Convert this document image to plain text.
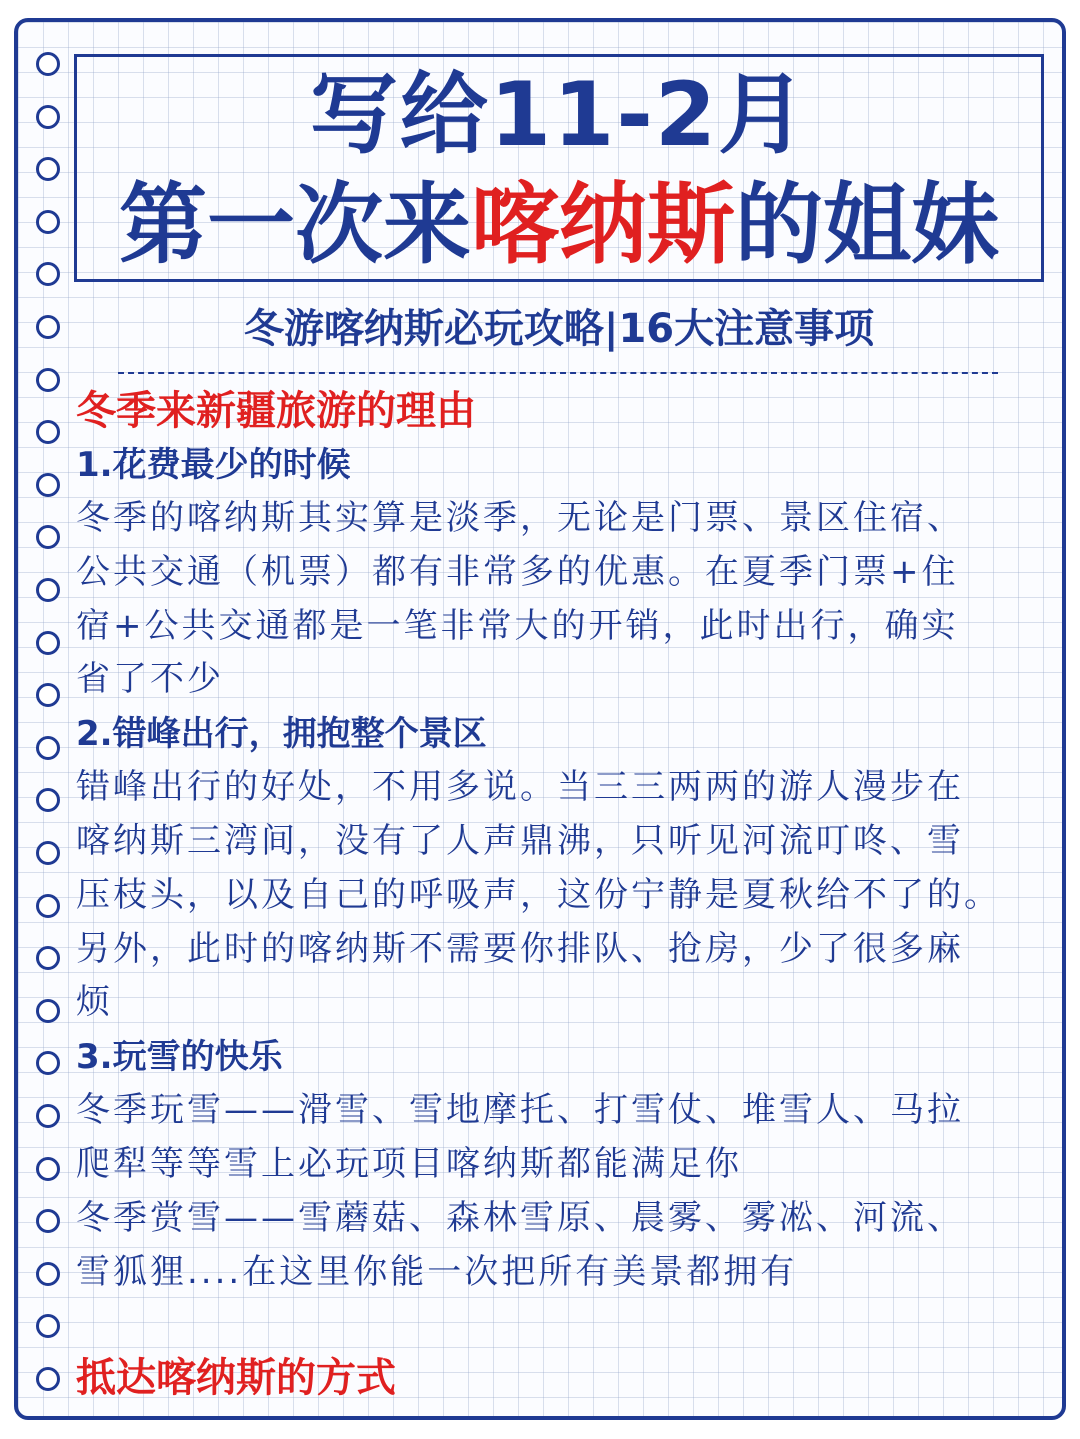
写给11-2月
第一次来喀纳斯的姐妹
冬游喀纳斯必玩攻略|16大注意事项

冬季来新疆旅游的理由

1.花费最少的时候

冬季的喀纳斯其实算是淡季，无论是门票、景区住宿、

公共交通（机票）都有非常多的优惠。在夏季门票+住

宿+公共交通都是一笔非常大的开销，此时出行，确实

省了不少

2.错峰出行，拥抱整个景区

错峰出行的好处，不用多说。当三三两两的游人漫步在

喀纳斯三湾间，没有了人声鼎沸，只听见河流叮咚、雪

压枝头，以及自己的呼吸声，这份宁静是夏秋给不了的。

另外，此时的喀纳斯不需要你排队、抢房，少了很多麻

烦

3.玩雪的快乐

冬季玩雪——滑雪、雪地摩托、打雪仗、堆雪人、马拉

爬犁等等雪上必玩项目喀纳斯都能满足你

冬季赏雪——雪蘑菇、森林雪原、晨雾、雾凇、河流、

雪狐狸....在这里你能一次把所有美景都拥有

抵达喀纳斯的方式
